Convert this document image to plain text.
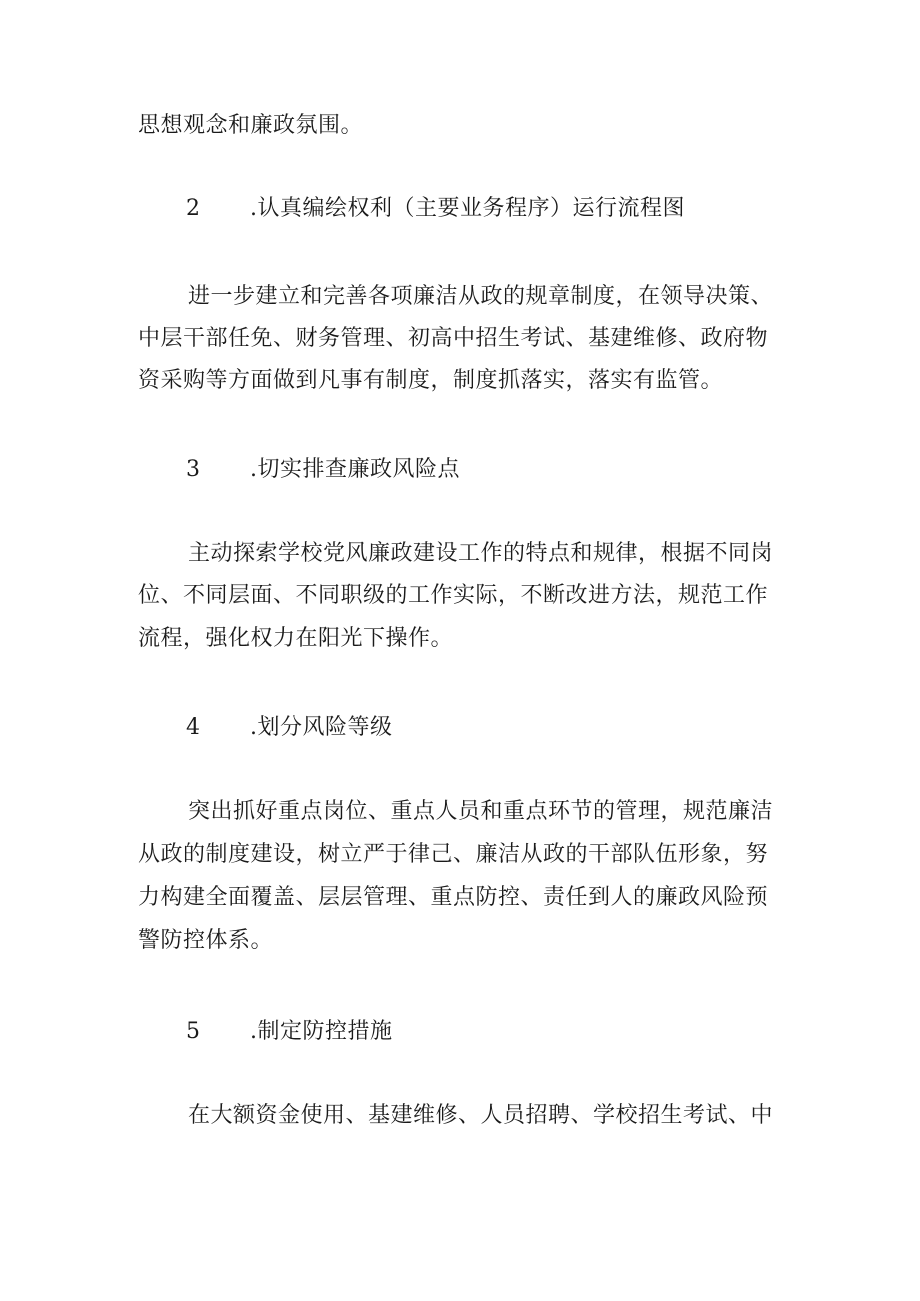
思想观念和廉政氛围。
2 .认真编绘权利（主要业务程序）运行流程图
进一步建立和完善各项廉洁从政的规章制度，在领导决策、
中层干部任免、财务管理、初高中招生考试、基建维修、政府物
资采购等方面做到凡事有制度，制度抓落实，落实有监管。
3 .切实排查廉政风险点
主动探索学校党风廉政建设工作的特点和规律，根据不同岗
位、不同层面、不同职级的工作实际，不断改进方法，规范工作
流程，强化权力在阳光下操作。
4 .划分风险等级
突出抓好重点岗位、重点人员和重点环节的管理，规范廉洁
从政的制度建设，树立严于律己、廉洁从政的干部队伍形象，努
力构建全面覆盖、层层管理、重点防控、责任到人的廉政风险预
警防控体系。
5 .制定防控措施
在大额资金使用、基建维修、人员招聘、学校招生考试、中
